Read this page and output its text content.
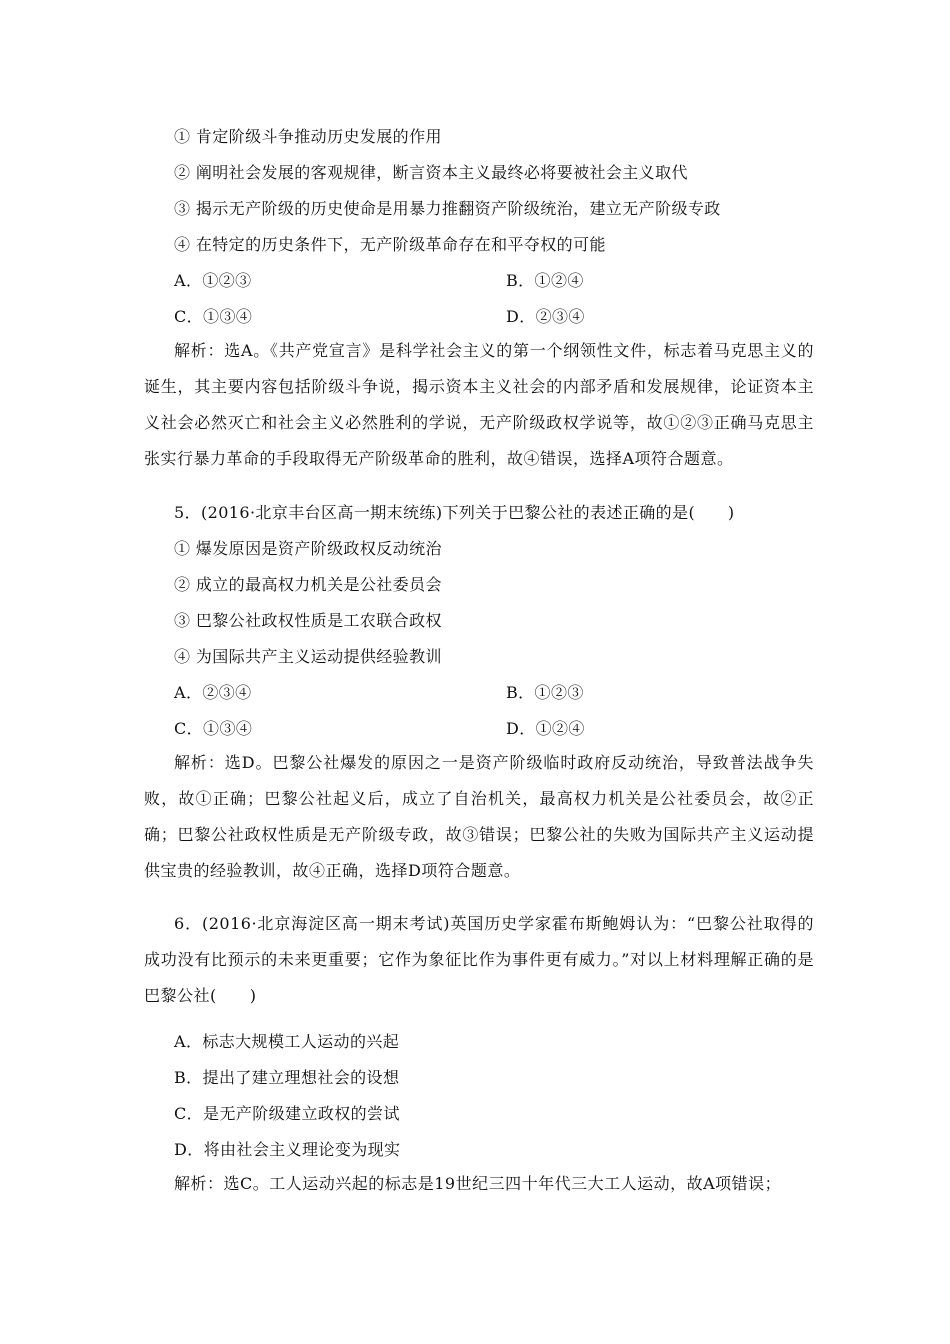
① 肯定阶级斗争推动历史发展的作用
② 阐明社会发展的客观规律，断言资本主义最终必将要被社会主义取代
③ 揭示无产阶级的历史使命是用暴力推翻资产阶级统治，建立无产阶级专政
④ 在特定的历史条件下，无产阶级革命存在和平夺权的可能
A．①②③	B．①②④
C．①③④	D．②③④
解析：选A。《共产党宣言》是科学社会主义的第一个纲领性文件，标志着马克思主义的诞生，其主要内容包括阶级斗争说，揭示资本主义社会的内部矛盾和发展规律，论证资本主义社会必然灭亡和社会主义必然胜利的学说，无产阶级政权学说等，故①②③正确马克思主张实行暴力革命的手段取得无产阶级革命的胜利，故④错误，选择A项符合题意。
5．(2016·北京丰台区高一期末统练)下列关于巴黎公社的表述正确的是(　　)
① 爆发原因是资产阶级政权反动统治
② 成立的最高权力机关是公社委员会
③ 巴黎公社政权性质是工农联合政权
④ 为国际共产主义运动提供经验教训
A．②③④	B．①②③
C．①③④	D．①②④
解析：选D。巴黎公社爆发的原因之一是资产阶级临时政府反动统治，导致普法战争失败，故①正确；巴黎公社起义后，成立了自治机关，最高权力机关是公社委员会，故②正确；巴黎公社政权性质是无产阶级专政，故③错误；巴黎公社的失败为国际共产主义运动提供宝贵的经验教训，故④正确，选择D项符合题意。
6．(2016·北京海淀区高一期末考试)英国历史学家霍布斯鲍姆认为：“巴黎公社取得的成功没有比预示的未来更重要；它作为象征比作为事件更有威力。”对以上材料理解正确的是巴黎公社(　　)
A．标志大规模工人运动的兴起
B．提出了建立理想社会的设想
C．是无产阶级建立政权的尝试
D．将由社会主义理论变为现实
解析：选C。工人运动兴起的标志是19世纪三四十年代三大工人运动，故A项错误；
